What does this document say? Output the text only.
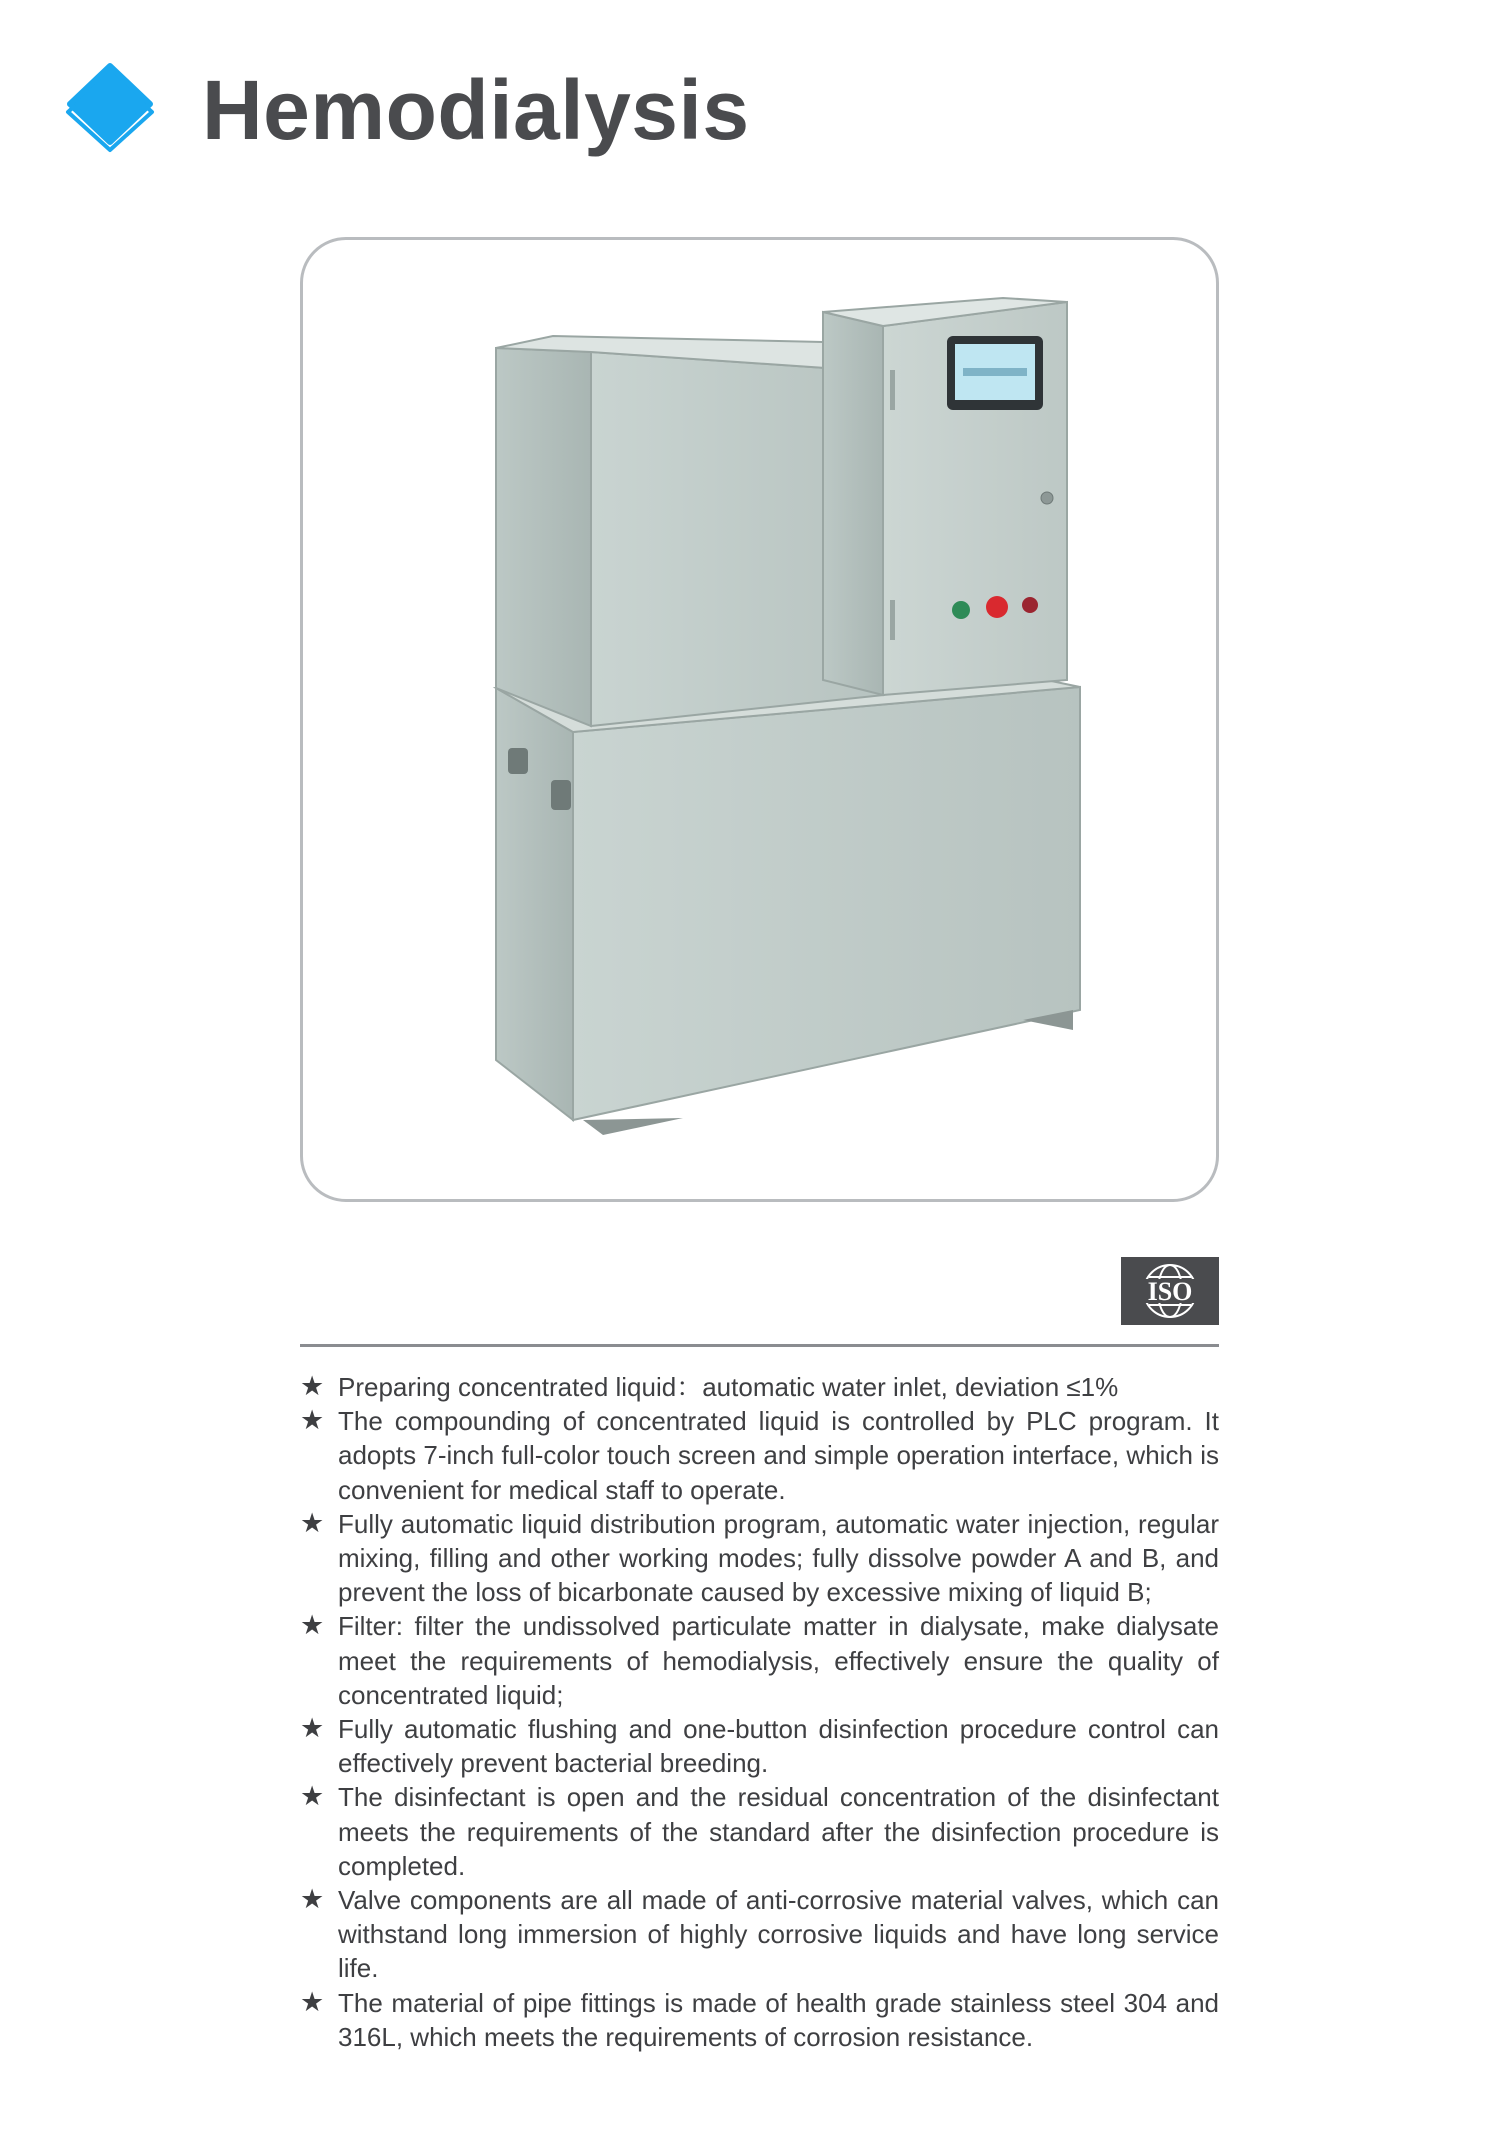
Hemodialysis
ISO
★ Preparing concentrated liquid：automatic water inlet, deviation ≤1%
★ The compounding of concentrated liquid is controlled by PLC program. It adopts 7-inch full-color touch screen and simple operation interface, which is convenient for medical staff to operate.
★ Fully automatic liquid distribution program, automatic water injection, regular mixing, filling and other working modes; fully dissolve powder A and B, and prevent the loss of bicarbonate caused by excessive mixing of liquid B;
★ Filter: filter the undissolved particulate matter in dialysate, make dialysate meet the requirements of hemodialysis, effectively ensure the quality of concentrated liquid;
★ Fully automatic flushing and one-button disinfection procedure control can effectively prevent bacterial breeding.
★ The disinfectant is open and the residual concentration of the disinfectant meets the requirements of the standard after the disinfection procedure is completed.
★ Valve components are all made of anti-corrosive material valves, which can withstand long immersion of highly corrosive liquids and have long service life.
★ The material of pipe fittings is made of health grade stainless steel 304 and 316L, which meets the requirements of corrosion resistance.
